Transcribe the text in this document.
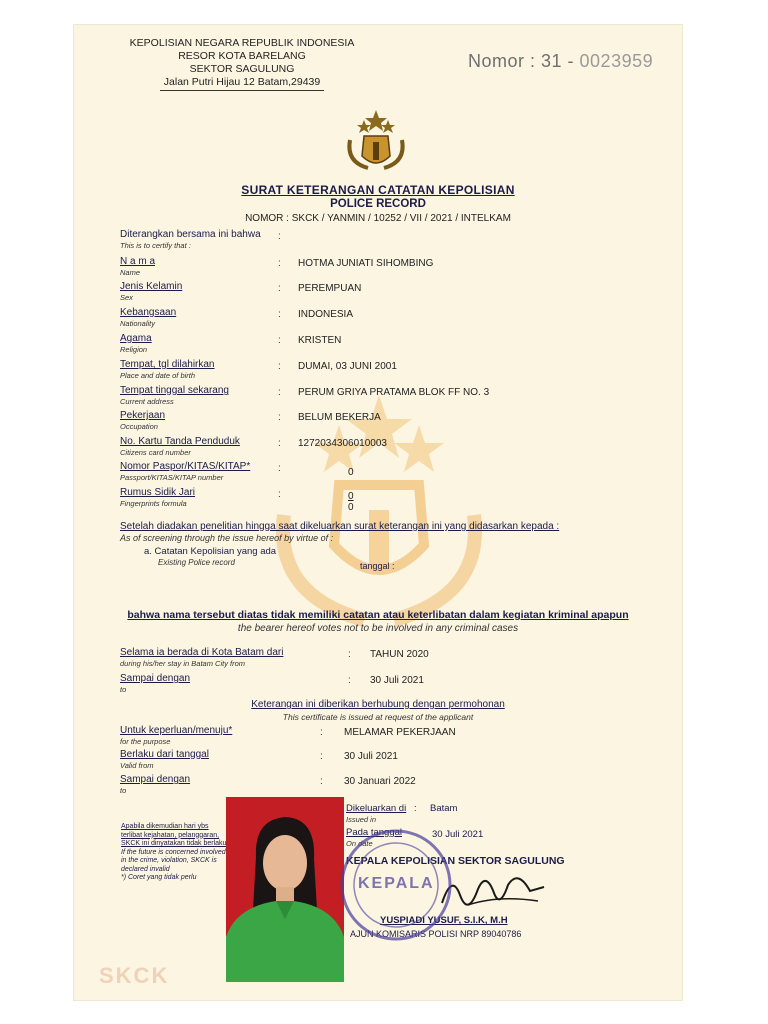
KEPOLISIAN NEGARA REPUBLIK INDONESIA
RESOR KOTA BARELANG
SEKTOR SAGULUNG
Jalan Putri Hijau 12 Batam,29439
Nomor : 31 - 0023959
SURAT KETERANGAN CATATAN KEPOLISIAN
POLICE RECORD
NOMOR : SKCK / YANMIN / 10252 / VII / 2021 / INTELKAM
Diterangkan bersama ini bahwa
This is to certify that :
:
N a m a
Name
: HOTMA JUNIATI SIHOMBING
Jenis Kelamin
Sex
: PEREMPUAN
Kebangsaan
Nationality
: INDONESIA
Agama
Religion
: KRISTEN
Tempat, tgl dilahirkan
Place and date of birth
: DUMAI, 03 JUNI 2001
Tempat tinggal sekarang
Current address
: PERUM GRIYA PRATAMA BLOK FF NO. 3
Pekerjaan
Occupation
: BELUM BEKERJA
No. Kartu Tanda Penduduk
Citizens card number
: 1272034306010003
Nomor Paspor/KITAS/KITAP*
Passport/KITAS/KITAP number
:	0
Rumus Sidik Jari
Fingerprints formula
:	0
0
Setelah diadakan penelitian hingga saat dikeluarkan surat keterangan ini yang didasarkan kepada :
As of screening through the issue hereof by virtue of :
a. Catatan Kepolisian yang ada
Existing Police record	tanggal :
bahwa nama tersebut diatas tidak memiliki catatan atau keterlibatan dalam kegiatan kriminal apapun
the bearer hereof votes not to be involved in any criminal cases
Selama ia berada di Kota Batam dari
during his/her stay in Batam City from
: TAHUN 2020
Sampai dengan
to
: 30 Juli 2021
Keterangan ini diberikan berhubung dengan permohonan
This certificate is issued at request of the applicant
Untuk keperluan/menuju*
for the purpose
: MELAMAR PEKERJAAN
Berlaku dari tanggal
Valid from
: 30 Juli 2021
Sampai dengan
to
: 30 Januari 2022
Apabila dikemudian hari ybs terlibat kejahatan, pelanggaran, SKCK ini dinyatakan tidak berlaku
If the future is concerned involved in the crime, violation, SKCK is declared invalid
*) Coret yang tidak perlu
Dikeluarkan di
Issued in
: Batam
Pada tanggal
On date
30 Juli 2021
KEPALA KEPOLISIAN SEKTOR SAGULUNG
YUSPIADI YUSUF, S.I.K, M.H
AJUN KOMISARIS POLISI NRP 89040786
KEPALA
SKCK
